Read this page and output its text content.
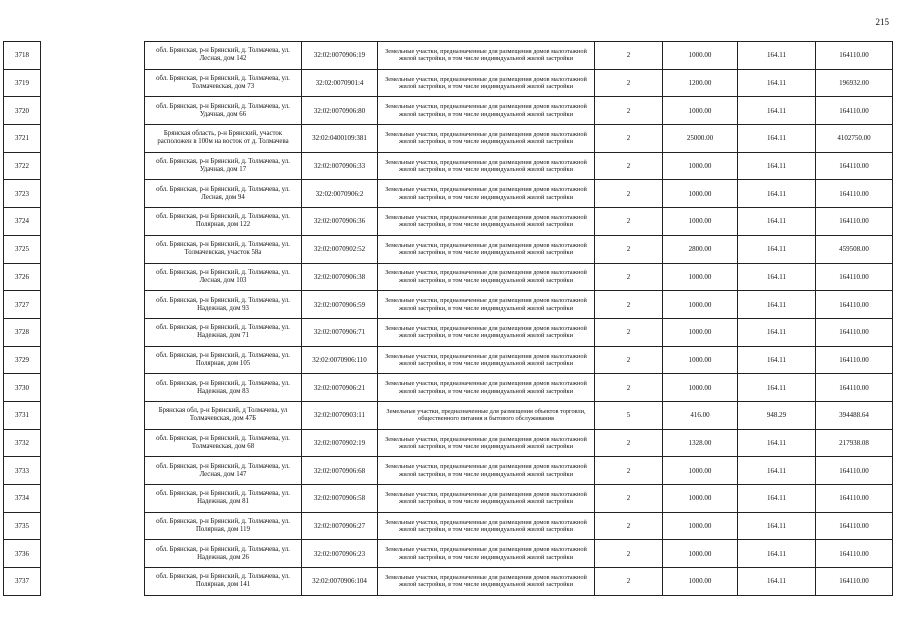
215
3718		обл. Брянская, р-н Брянский, д. Толмачева, ул. Лесная, дом 142	32:02:0070906:19	Земельные участки, предназначенные для размещения домов малоэтажной жилой застройки, в том числе индивидуальной жилой застройки	2	1000.00	164.11	164110.00
3719		обл. Брянская, р-н Брянский, д. Толмачева, ул. Толмачевская, дом 73	32:02:0070901:4	Земельные участки, предназначенные для размещения домов малоэтажной жилой застройки, в том числе индивидуальной жилой застройки	2	1200.00	164.11	196932.00
3720		обл. Брянская, р-н Брянский, д. Толмачева, ул. Удачная, дом 66	32:02:0070906:80	Земельные участки, предназначенные для размещения домов малоэтажной жилой застройки, в том числе индивидуальной жилой застройки	2	1000.00	164.11	164110.00
3721		Брянская область, р-н Брянский, участок расположен в 100м на восток от д. Толмачева	32:02:0400109:381	Земельные участки, предназначенные для размещения домов малоэтажной жилой застройки, в том числе индивидуальной жилой застройки	2	25000.00	164.11	4102750.00
3722		обл. Брянская, р-н Брянский, д. Толмачева, ул. Удачная, дом 17	32:02:0070906:33	Земельные участки, предназначенные для размещения домов малоэтажной жилой застройки, в том числе индивидуальной жилой застройки	2	1000.00	164.11	164110.00
3723		обл. Брянская, р-н Брянский, д. Толмачева, ул. Лесная, дом 94	32:02:0070906:2	Земельные участки, предназначенные для размещения домов малоэтажной жилой застройки, в том числе индивидуальной жилой застройки	2	1000.00	164.11	164110.00
3724		обл. Брянская, р-н Брянский, д. Толмачева, ул. Полярная, дом 122	32:02:0070906:36	Земельные участки, предназначенные для размещения домов малоэтажной жилой застройки, в том числе индивидуальной жилой застройки	2	1000.00	164.11	164110.00
3725		обл. Брянская, р-н Брянский, д. Толмачева, ул. Толмачевская, участок 58а	32:02:0070902:52	Земельные участки, предназначенные для размещения домов малоэтажной жилой застройки, в том числе индивидуальной жилой застройки	2	2800.00	164.11	459508.00
3726		обл. Брянская, р-н Брянский, д. Толмачева, ул. Лесная, дом 103	32:02:0070906:38	Земельные участки, предназначенные для размещения домов малоэтажной жилой застройки, в том числе индивидуальной жилой застройки	2	1000.00	164.11	164110.00
3727		обл. Брянская, р-н Брянский, д. Толмачева, ул. Надежная, дом 93	32:02:0070906:59	Земельные участки, предназначенные для размещения домов малоэтажной жилой застройки, в том числе индивидуальной жилой застройки	2	1000.00	164.11	164110.00
3728		обл. Брянская, р-н Брянский, д. Толмачева, ул. Надежная, дом 71	32:02:0070906:71	Земельные участки, предназначенные для размещения домов малоэтажной жилой застройки, в том числе индивидуальной жилой застройки	2	1000.00	164.11	164110.00
3729		обл. Брянская, р-н Брянский, д. Толмачева, ул. Полярная, дом 105	32:02:0070906:110	Земельные участки, предназначенные для размещения домов малоэтажной жилой застройки, в том числе индивидуальной жилой застройки	2	1000.00	164.11	164110.00
3730		обл. Брянская, р-н Брянский, д. Толмачева, ул. Надежная, дом 83	32:02:0070906:21	Земельные участки, предназначенные для размещения домов малоэтажной жилой застройки, в том числе индивидуальной жилой застройки	2	1000.00	164.11	164110.00
3731		Брянская обл, р-н Брянский, д Толмачева, ул Толмачевская, дом 47Б	32:02:0070903:11	Земельные участки, предназначенные для размещения объектов торговли, общественного питания и бытового обслуживания	5	416.00	948.29	394488.64
3732		обл. Брянская, р-н Брянский, д. Толмачева, ул. Толмачевская, дом 68	32:02:0070902:19	Земельные участки, предназначенные для размещения домов малоэтажной жилой застройки, в том числе индивидуальной жилой застройки	2	1328.00	164.11	217938.08
3733		обл. Брянская, р-н Брянский, д. Толмачева, ул. Лесная, дом 147	32:02:0070906:68	Земельные участки, предназначенные для размещения домов малоэтажной жилой застройки, в том числе индивидуальной жилой застройки	2	1000.00	164.11	164110.00
3734		обл. Брянская, р-н Брянский, д. Толмачева, ул. Надежная, дом 81	32:02:0070906:58	Земельные участки, предназначенные для размещения домов малоэтажной жилой застройки, в том числе индивидуальной жилой застройки	2	1000.00	164.11	164110.00
3735		обл. Брянская, р-н Брянский, д. Толмачева, ул. Полярная, дом 119	32:02:0070906:27	Земельные участки, предназначенные для размещения домов малоэтажной жилой застройки, в том числе индивидуальной жилой застройки	2	1000.00	164.11	164110.00
3736		обл. Брянская, р-н Брянский, д. Толмачева, ул. Надежная, дом 26	32:02:0070906:23	Земельные участки, предназначенные для размещения домов малоэтажной жилой застройки, в том числе индивидуальной жилой застройки	2	1000.00	164.11	164110.00
3737		обл. Брянская, р-н Брянский, д. Толмачева, ул. Полярная, дом 141	32:02:0070906:104	Земельные участки, предназначенные для размещения домов малоэтажной жилой застройки, в том числе индивидуальной жилой застройки	2	1000.00	164.11	164110.00
